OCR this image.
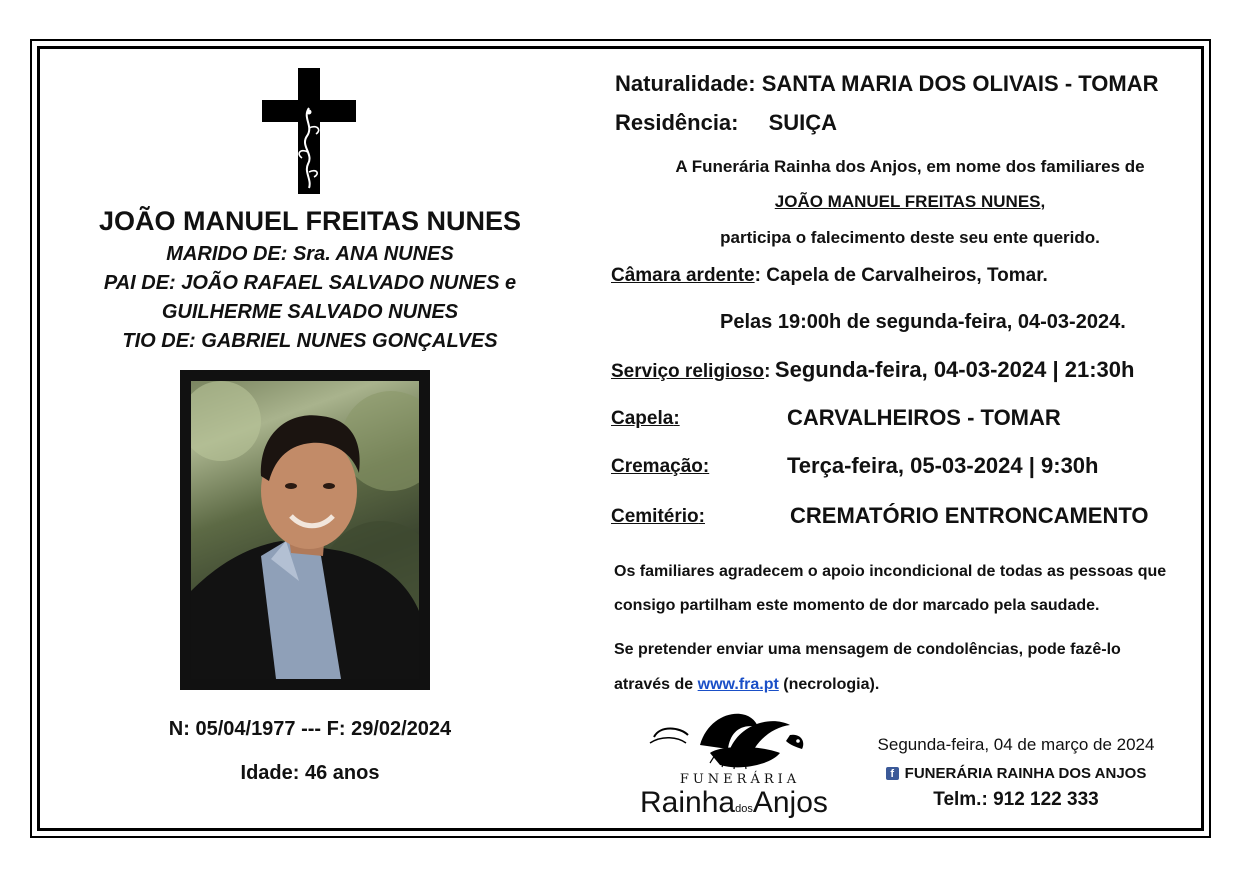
JOÃO MANUEL FREITAS NUNES
MARIDO DE: Sra. ANA NUNES
PAI DE: JOÃO RAFAEL SALVADO NUNES e
GUILHERME SALVADO NUNES
TIO DE: GABRIEL NUNES GONÇALVES
N: 05/04/1977 --- F: 29/02/2024
Idade: 46 anos
Naturalidade: SANTA MARIA DOS OLIVAIS - TOMAR
Residência: SUIÇA
A Funerária Rainha dos Anjos, em nome dos familiares de
JOÃO MANUEL FREITAS NUNES,
participa o falecimento deste seu ente querido.
Câmara ardente: Capela de Carvalheiros, Tomar.
Pelas 19:00h de segunda-feira, 04-03-2024.
Serviço religioso: Segunda-feira, 04-03-2024 | 21:30h
Capela:	CARVALHEIROS - TOMAR
Cremação:	Terça-feira, 05-03-2024 | 9:30h
Cemitério:	CREMATÓRIO ENTRONCAMENTO
Os familiares agradecem o apoio incondicional de todas as pessoas que
consigo partilham este momento de dor marcado pela saudade.
Se pretender enviar uma mensagem de condolências, pode fazê-lo
através de www.fra.pt (necrologia).
FUNERÁRIA
RainhadosAnjos
Segunda-feira, 04 de março de 2024
f FUNERÁRIA RAINHA DOS ANJOS
Telm.: 912 122 333
